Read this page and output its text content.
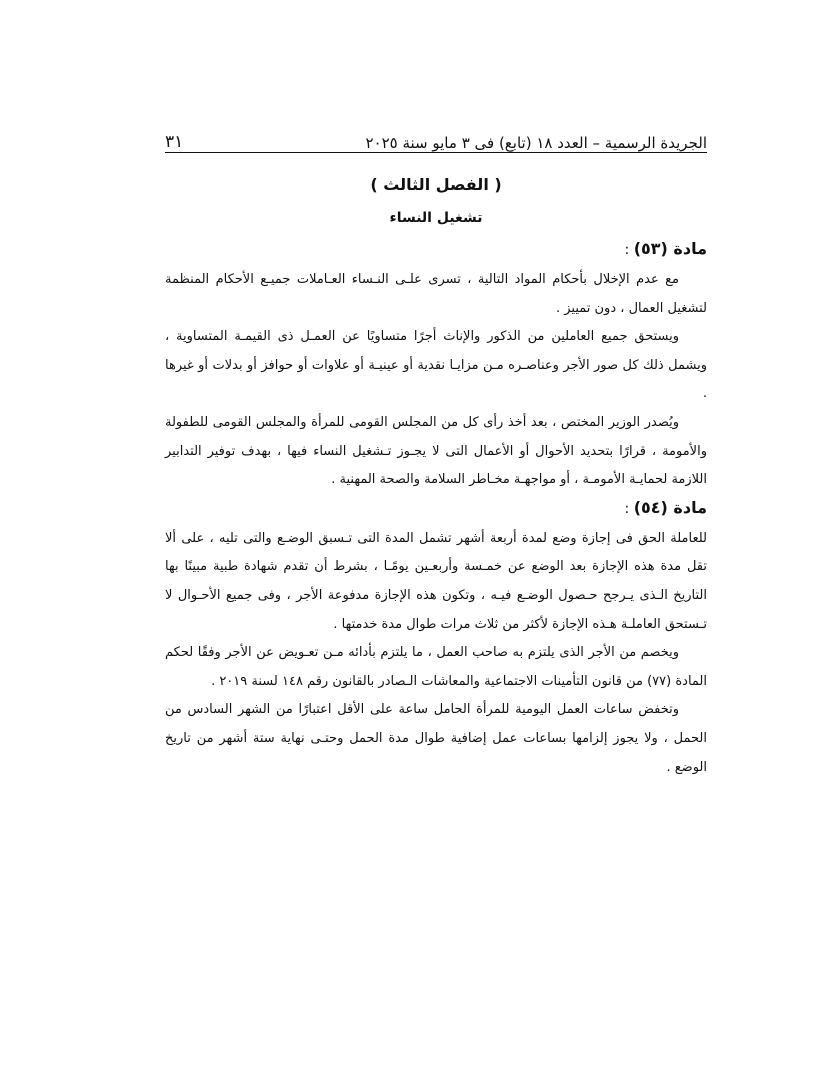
الجريدة الرسمية – العدد ١٨ (تابع) فى ٣ مايو سنة ٢٠٢٥
٣١
( الفصل الثالث )
تشغيل النساء
مادة (٥٣) :

مع عدم الإخلال بأحكام المواد التالية ، تسرى علـى النـساء العـاملات جميـع الأحكام المنظمة لتشغيل العمال ، دون تمييز .

ويستحق جميع العاملين من الذكور والإناث أجرًا متساويًا عن العمـل ذى القيمـة المتساوية ، ويشمل ذلك كل صور الأجر وعناصـره مـن مزايـا نقدية أو عينيـة أو علاوات أو حوافز أو بدلات أو غيرها .

ويُصدر الوزير المختص ، بعد أخذ رأى كل من المجلس القومى للمرأة والمجلس القومى للطفولة والأمومة ، قرارًا بتحديد الأحوال أو الأعمال التى لا يجـوز تـشغيل النساء فيها ، بهدف توفير التدابير اللازمة لحمايـة الأمومـة ، أو مواجهـة مخـاطر السلامة والصحة المهنية .

مادة (٥٤) :

للعاملة الحق فى إجازة وضع لمدة أربعة أشهر تشمل المدة التى تـسبق الوضـع والتى تليه ، على ألا تقل مدة هذه الإجازة بعد الوضع عن خمـسة وأربعـين يومًـا ، بشرط أن تقدم شهادة طبية مبينًا بها التاريخ الـذى يـرجح حـصول الوضـع فيـه ، وتكون هذه الإجازة مدفوعة الأجر ، وفى جميع الأحـوال لا تـستحق العاملـة هـذه الإجازة لأكثر من ثلاث مرات طوال مدة خدمتها .

ويخصم من الأجر الذى يلتزم به صاحب العمل ، ما يلتزم بأدائه مـن تعـويض عن الأجر وفقًا لحكم المادة (٧٧) من قانون التأمينات الاجتماعية والمعاشات الـصادر بالقانون رقم ١٤٨ لسنة ٢٠١٩ .

وتخفض ساعات العمل اليومية للمرأة الحامل ساعة على الأقل اعتبارًا من الشهر السادس من الحمل ، ولا يجوز إلزامها بساعات عمل إضافية طوال مدة الحمل وحتـى نهاية ستة أشهر من تاريخ الوضع .
